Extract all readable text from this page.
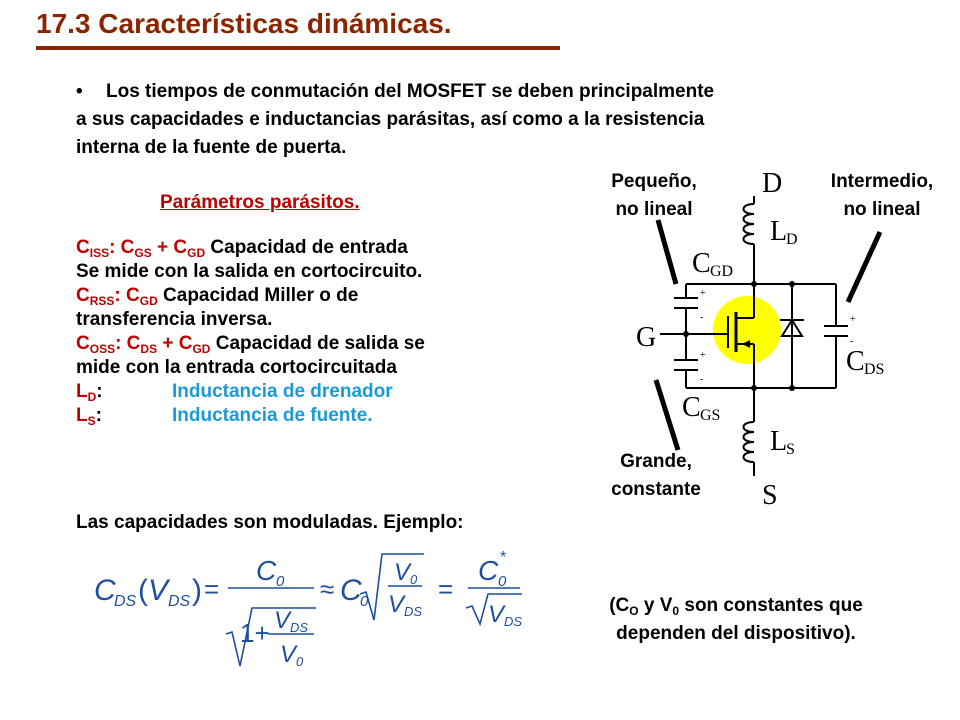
17.3 Características dinámicas.
• Los tiempos de conmutación del MOSFET se deben principalmente
a sus capacidades e inductancias parásitas, así como a la resistencia
interna de la fuente de puerta.
Parámetros parásitos.
$C_{ISS}$: $C_{GS} + C_{GD}$ Capacidad de entrada
Se mide con la salida en cortocircuito.
$C_{RSS}$: $C_{GD}$ Capacidad Miller o de
transferencia inversa.
$C_{OSS}$: $C_{DS} + C_{GD}$ Capacidad de salida se
mide con la entrada cortocircuitada
$L_D$:	Inductancia de drenador
$L_S$:	Inductancia de fuente.
Las capacidades son moduladas. Ejemplo:
C
DS ( V DS ) =
C 0
1+ V DS
V 0
≈ C
0
V 0
V DS
=
C 0
*
V DS
($C_O$ y $V_0$ son constantes que
dependen del dispositivo).
Pequeño,
no lineal
Intermedio,
no lineal
Grande,
constante
+
-
+
-
+
-
D
G
S
L
D
L
S
C GD
C GS
C DS
